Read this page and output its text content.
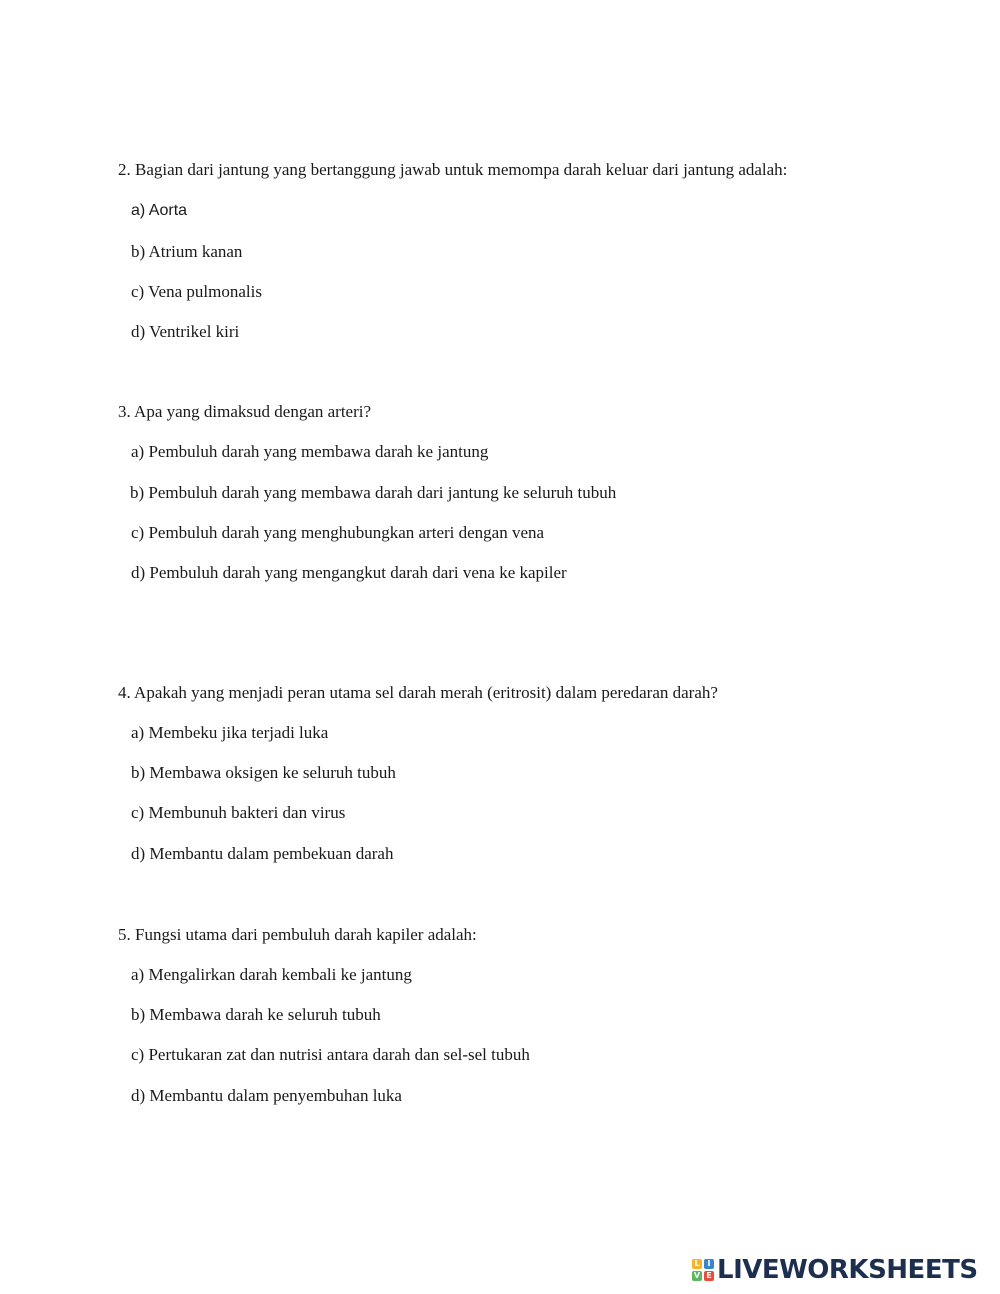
2. Bagian dari jantung yang bertanggung jawab untuk memompa darah keluar dari jantung adalah:
a) Aorta
b) Atrium kanan
c) Vena pulmonalis
d) Ventrikel kiri
3. Apa yang dimaksud dengan arteri?
a) Pembuluh darah yang membawa darah ke jantung
b) Pembuluh darah yang membawa darah dari jantung ke seluruh tubuh
c) Pembuluh darah yang menghubungkan arteri dengan vena
d) Pembuluh darah yang mengangkut darah dari vena ke kapiler
4. Apakah yang menjadi peran utama sel darah merah (eritrosit) dalam peredaran darah?
a) Membeku jika terjadi luka
b) Membawa oksigen ke seluruh tubuh
c) Membunuh bakteri dan virus
d) Membantu dalam pembekuan darah
5. Fungsi utama dari pembuluh darah kapiler adalah:
a) Mengalirkan darah kembali ke jantung
b) Membawa darah ke seluruh tubuh
c) Pertukaran zat dan nutrisi antara darah dan sel-sel tubuh
d) Membantu dalam penyembuhan luka
L I
V E LIVEWORKSHEETS
